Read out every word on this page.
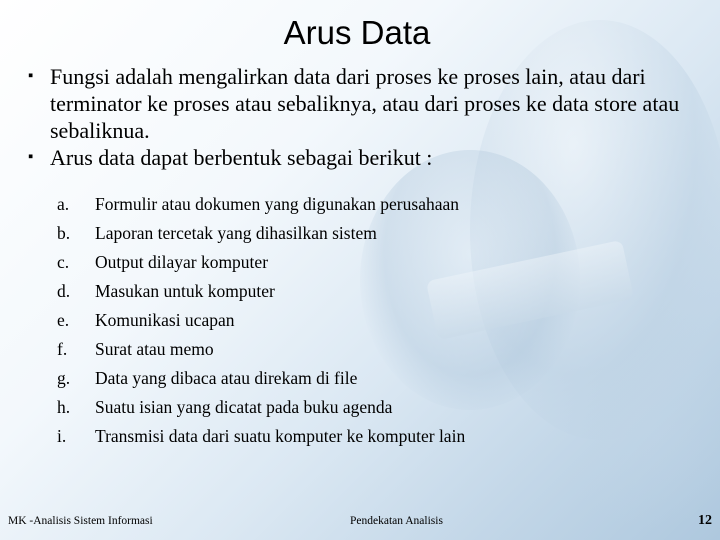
Arus Data
▪ Fungsi adalah mengalirkan data dari proses ke proses lain, atau dari terminator ke proses atau sebaliknya, atau dari proses ke data store atau sebaliknua.
▪ Arus data dapat berbentuk sebagai berikut :
a.	Formulir atau dokumen yang digunakan perusahaan
b.	Laporan tercetak yang dihasilkan sistem
c.	Output dilayar komputer
d.	Masukan untuk komputer
e.	Komunikasi ucapan
f.	Surat atau memo
g.	Data yang dibaca atau direkam di file
h.	Suatu isian yang dicatat pada buku agenda
i.	Transmisi data dari suatu komputer ke komputer lain
MK -Analisis Sistem Informasi	Pendekatan Analisis	12
